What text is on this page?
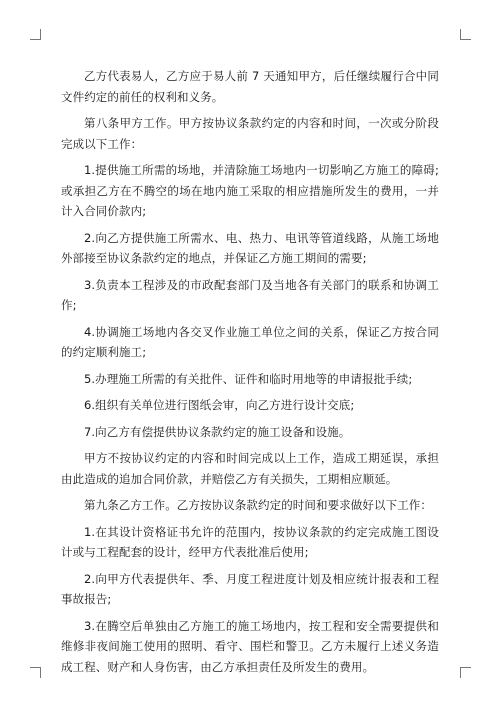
乙方代表易人，乙方应于易人前 7 天通知甲方，后任继续履行合中同文件约定的前任的权利和义务。

第八条甲方工作。甲方按协议条款约定的内容和时间，一次或分阶段完成以下工作：

1.提供施工所需的场地，并清除施工场地内一切影响乙方施工的障碍;或承担乙方在不腾空的场在地内施工采取的相应措施所发生的费用，一并计入合同价款内;

2.向乙方提供施工所需水、电、热力、电讯等管道线路，从施工场地外部接至协议条款约定的地点，并保证乙方施工期间的需要;

3.负责本工程涉及的市政配套部门及当地各有关部门的联系和协调工作;

4.协调施工场地内各交叉作业施工单位之间的关系，保证乙方按合同的约定顺利施工;

5.办理施工所需的有关批件、证件和临时用地等的申请报批手续;

6.组织有关单位进行图纸会审，向乙方进行设计交底;

7.向乙方有偿提供协议条款约定的施工设备和设施。

甲方不按协议约定的内容和时间完成以上工作，造成工期延误，承担由此造成的追加合同价款，并赔偿乙方有关损失，工期相应顺延。

第九条乙方工作。乙方按协议条款约定的时间和要求做好以下工作：

1.在其设计资格证书允许的范围内，按协议条款的约定完成施工图设计或与工程配套的设计，经甲方代表批准后使用;

2.向甲方代表提供年、季、月度工程进度计划及相应统计报表和工程事故报告;

3.在腾空后单独由乙方施工的施工场地内，按工程和安全需要提供和维修非夜间施工使用的照明、看守、围栏和警卫。乙方未履行上述义务造成工程、财产和人身伤害，由乙方承担责任及所发生的费用。
